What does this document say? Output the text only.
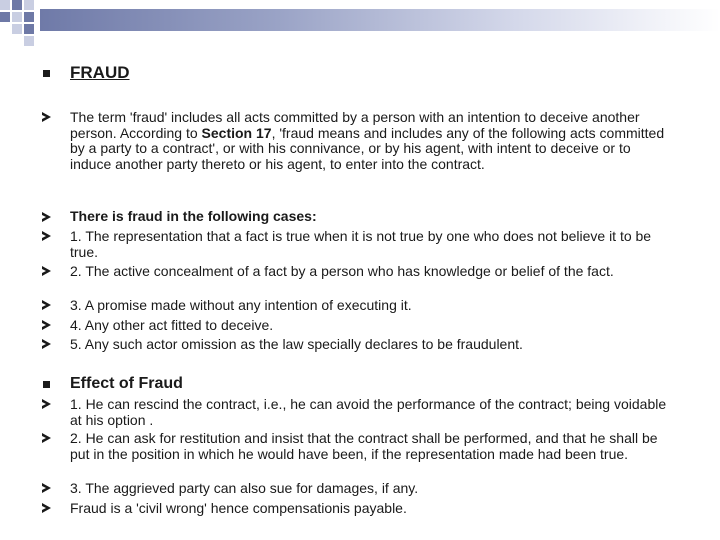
FRAUD
The term 'fraud' includes all acts committed by a person with an intention to deceive another person. According to Section 17, 'fraud means and includes any of the following acts committed by a party to a contract', or with his connivance, or by his agent, with intent to deceive or to induce another party thereto or his agent, to enter into the contract.
There is fraud in the following cases:
1. The representation that a fact is true when it is not true by one who does not believe it to be true.
2. The active concealment of a fact by a person who has knowledge or belief of the fact.
3. A promise made without any intention of executing it.
4. Any other act fitted to deceive.
5. Any such actor omission as the law specially declares to be fraudulent.
Effect of Fraud
1. He can rescind the contract, i.e., he can avoid the performance of the contract; being voidable at his option .
2. He can ask for restitution and insist that the contract shall be performed, and that he shall be put in the position in which he would have been, if the representation made had been true.
3. The aggrieved party can also sue for damages, if any.
Fraud is a 'civil wrong' hence compensationis payable.
